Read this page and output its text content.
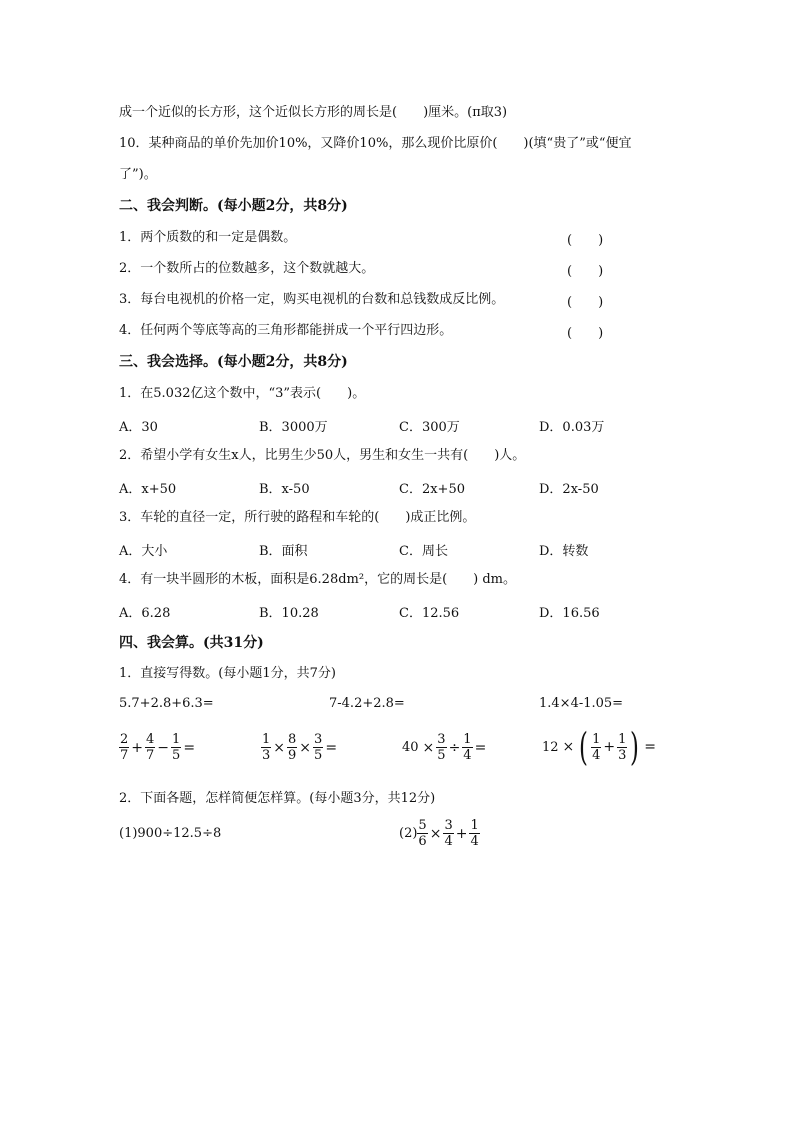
成一个近似的长方形，这个近似长方形的周长是(　　)厘米。(π取3)
10．某种商品的单价先加价10%，又降价10%，那么现价比原价(　　)(填“贵了”或“便宜
了”)。
二、我会判断。(每小题2分，共8分)
1．两个质数的和一定是偶数。	(　　)
2．一个数所占的位数越多，这个数就越大。	(　　)
3．每台电视机的价格一定，购买电视机的台数和总钱数成反比例。	(　　)
4．任何两个等底等高的三角形都能拼成一个平行四边形。	(　　)
三、我会选择。(每小题2分，共8分)
1．在5.032亿这个数中，“3”表示(　　)。
A．30	B．3000万	C．300万	D．0.03万
2．希望小学有女生x人，比男生少50人，男生和女生一共有(　　)人。
A．x+50	B．x-50	C．2x+50	D．2x-50
3．车轮的直径一定，所行驶的路程和车轮的(　　)成正比例。
A．大小	B．面积	C．周长	D．转数
4．有一块半圆形的木板，面积是6.28dm²，它的周长是(　　) dm。
A．6.28	B．10.28	C．12.56	D．16.56
四、我会算。(共31分)
1．直接写得数。(每小题1分，共7分)
5.7+2.8+6.3=	7-4.2+2.8=	1.4×4-1.05=
$\frac{2}{7} + \frac{4}{7} - \frac{1}{5}$ =	$\frac{1}{3} \times \frac{8}{9} \times \frac{3}{5}$ =	$40 \times \frac{3}{5} \div \frac{1}{4}$ =	12 × ( $\frac{1}{4} + \frac{1}{3}$ ) =
2．下面各题，怎样简便怎样算。(每小题3分，共12分)
(1)900÷12.5÷8	$(2) \frac{5}{6} \times \frac{3}{4} + \frac{1}{4}$
